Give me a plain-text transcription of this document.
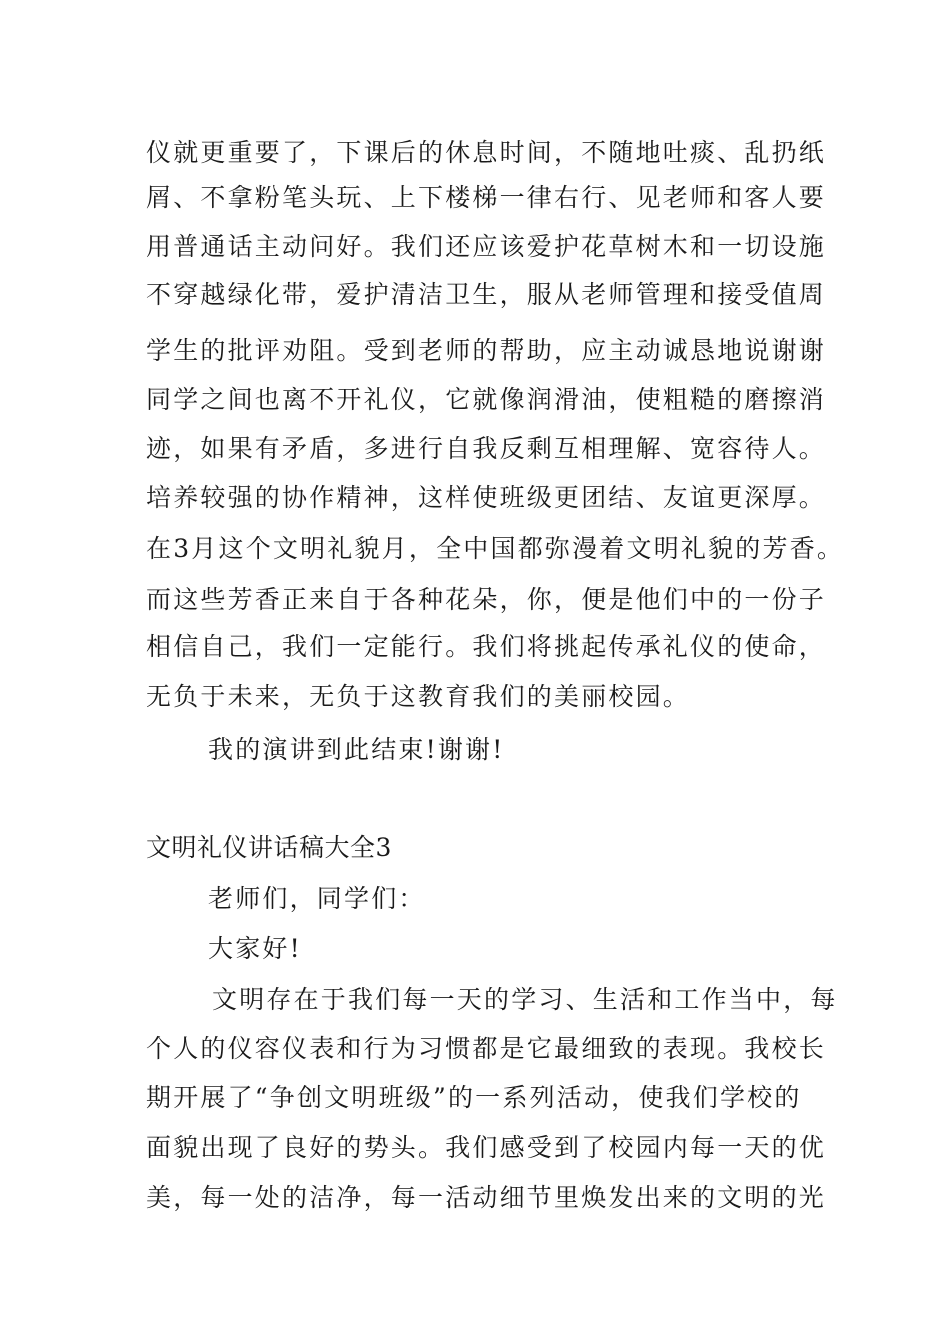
仪就更重要了，下课后的休息时间，不随地吐痰、乱扔纸
屑、不拿粉笔头玩、上下楼梯一律右行、见老师和客人要
用普通话主动问好。我们还应该爱护花草树木和一切设施
不穿越绿化带，爱护清洁卫生，服从老师管理和接受值周
学生的批评劝阻。受到老师的帮助，应主动诚恳地说谢谢
同学之间也离不开礼仪，它就像润滑油，使粗糙的磨擦消
迹，如果有矛盾，多进行自我反剩互相理解、宽容待人。
培养较强的协作精神，这样使班级更团结、友谊更深厚。
在3月这个文明礼貌月，全中国都弥漫着文明礼貌的芳香。
而这些芳香正来自于各种花朵，你，便是他们中的一份子
相信自己，我们一定能行。我们将挑起传承礼仪的使命，
无负于未来，无负于这教育我们的美丽校园。
我的演讲到此结束!谢谢!
文明礼仪讲话稿大全3
老师们，同学们：
大家好!
文明存在于我们每一天的学习、生活和工作当中，每
个人的仪容仪表和行为习惯都是它最细致的表现。我校长
期开展了“争创文明班级”的一系列活动，使我们学校的
面貌出现了良好的势头。我们感受到了校园内每一天的优
美，每一处的洁净，每一活动细节里焕发出来的文明的光
